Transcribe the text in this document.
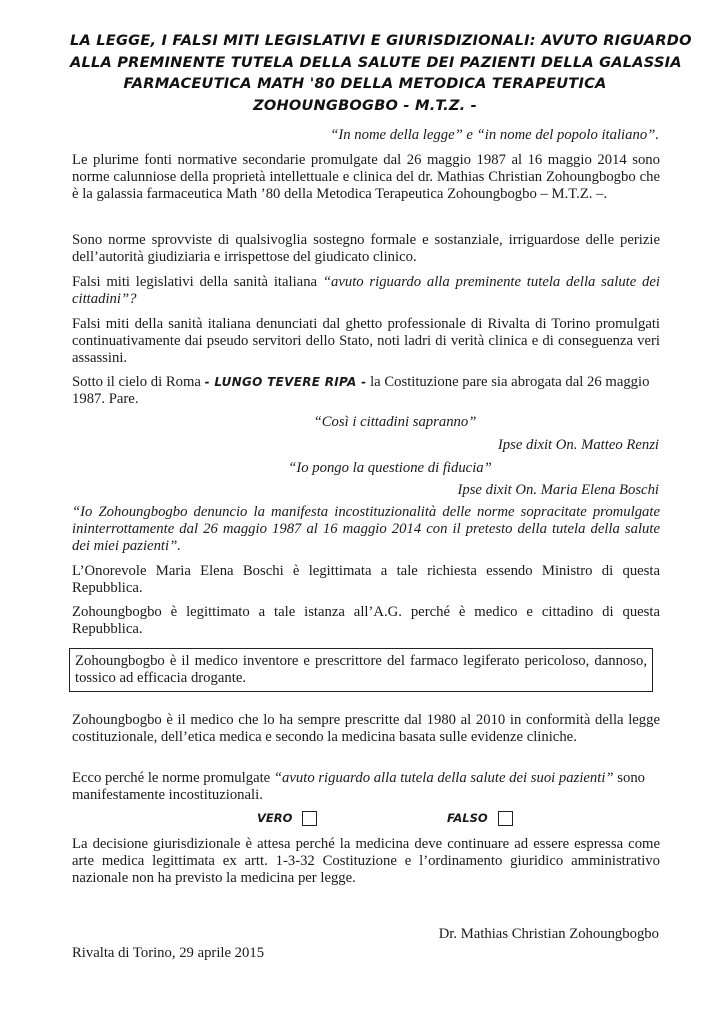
LA LEGGE, I FALSI MITI LEGISLATIVI E GIURISDIZIONALI: AVUTO RIGUARDO
ALLA PREMINENTE TUTELA DELLA SALUTE DEI PAZIENTI DELLA GALASSIA
FARMACEUTICA MATH '80 DELLA METODICA TERAPEUTICA
ZOHOUNGBOGBO - M.T.Z. -
“In nome della legge” e “in nome del popolo italiano”.
Le plurime fonti normative secondarie promulgate dal 26 maggio 1987 al 16 maggio 2014 sono norme calunniose della proprietà intellettuale e clinica del dr. Mathias Christian Zohoungbogbo che è la galassia farmaceutica Math ’80 della Metodica Terapeutica Zohoungbogbo – M.T.Z. –.
Sono norme sprovviste di qualsivoglia sostegno formale e sostanziale, irriguardose delle perizie dell’autorità giudiziaria e irrispettose del giudicato clinico.
Falsi miti legislativi della sanità italiana “avuto riguardo alla preminente tutela della salute dei cittadini”?
Falsi miti della sanità italiana denunciati dal ghetto professionale di Rivalta di Torino promulgati continuativamente dai pseudo servitori dello Stato, noti ladri di verità clinica e di conseguenza veri assassini.
Sotto il cielo di Roma - LUNGO TEVERE RIPA - la Costituzione pare sia abrogata dal 26 maggio 1987. Pare.
“Così i cittadini sapranno”
Ipse dixit On. Matteo Renzi
“Io pongo la questione di fiducia”
Ipse dixit On. Maria Elena Boschi
“Io Zohoungbogbo denuncio la manifesta incostituzionalità delle norme sopracitate promulgate ininterrottamente dal 26 maggio 1987 al 16 maggio 2014 con il pretesto della tutela della salute dei miei pazienti”.
L’Onorevole Maria Elena Boschi è legittimata a tale richiesta essendo Ministro di questa Repubblica.
Zohoungbogbo è legittimato a tale istanza all’A.G. perché è medico e cittadino di questa Repubblica.
Zohoungbogbo è il medico inventore e prescrittore del farmaco legiferato pericoloso, dannoso, tossico ad efficacia drogante.
Zohoungbogbo è il medico che lo ha sempre prescritte dal 1980 al 2010 in conformità della legge costituzionale, dell’etica medica e secondo la medicina basata sulle evidenze cliniche.
Ecco perché le norme promulgate “avuto riguardo alla tutela della salute dei suoi pazienti” sono manifestamente incostituzionali.
VERO	FALSO
La decisione giurisdizionale è attesa perché la medicina deve continuare ad essere espressa come arte medica legittimata ex artt. 1-3-32 Costituzione e l’ordinamento giuridico amministrativo nazionale non ha previsto la medicina per legge.
Dr. Mathias Christian Zohoungbogbo
Rivalta di Torino, 29 aprile 2015
